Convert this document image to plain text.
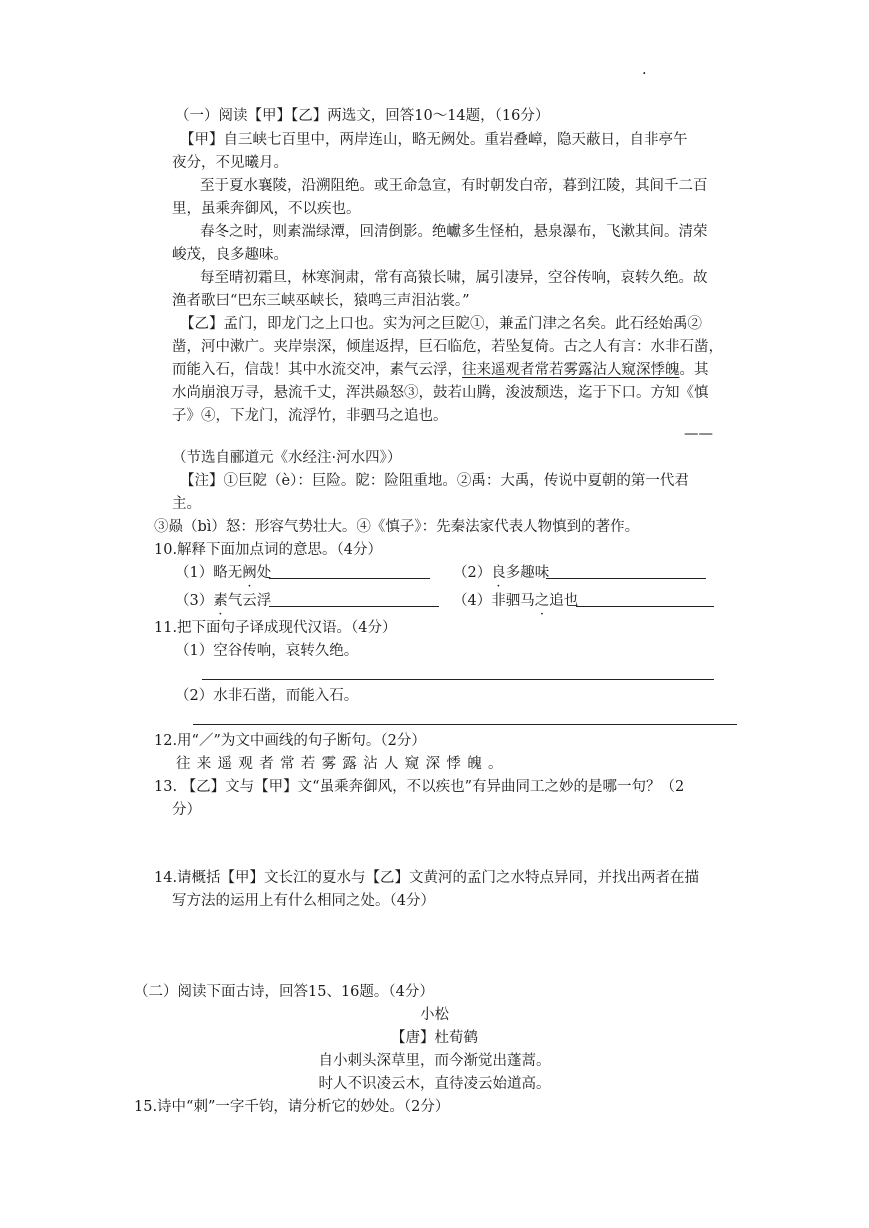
.
（一）阅读【甲】【乙】两选文，回答10～14题，（16分）
【甲】自三峡七百里中，两岸连山，略无阙处。重岩叠嶂，隐天蔽日，自非亭午
夜分，不见曦月。
至于夏水襄陵，沿溯阻绝。或王命急宣，有时朝发白帝，暮到江陵，其间千二百
里，虽乘奔御风，不以疾也。
春冬之时，则素湍绿潭，回清倒影。绝巘多生怪柏，悬泉瀑布，飞漱其间。清荣
峻茂，良多趣味。
每至晴初霜旦，林寒涧肃，常有高猿长啸，属引凄异，空谷传响，哀转久绝。故
渔者歌曰“巴东三峡巫峡长，猿鸣三声泪沾裳。”
【乙】孟门，即龙门之上口也。实为河之巨阸①，兼孟门津之名矣。此石经始禹②
凿，河中漱广。夹岸崇深，倾崖返捍，巨石临危，若坠复倚。古之人有言：水非石凿，
而能入石，信哉！其中水流交冲，素气云浮，往来遥观者常若雾露沾人窥深悸魄。其
水尚崩浪万寻，悬流千丈，浑洪赑怒③，鼓若山腾，浚波颓迭，迄于下口。方知《慎
子》④，下龙门，流浮竹，非驷马之追也。
——
（节选自郦道元《水经注·河水四》）
【注】①巨阸（è）：巨险。阸：险阻重地。②禹：大禹，传说中夏朝的第一代君
主。
③赑（bì）怒：形容气势壮大。④《慎子》：先秦法家代表人物慎到的著作。
10.解释下面加点词的意思。（4分）
（1）略无阙处	（2）良多趣味
（3）素气云浮	（4）非驷马之追也
11.把下面句子译成现代汉语。（4分）
（1）空谷传响，哀转久绝。
（2）水非石凿，而能入石。
12.用“／”为文中画线的句子断句。（2分）
往来遥观者常若雾露沾人窥深悸魄。
13. 【乙】文与【甲】文“虽乘奔御风，不以疾也”有异曲同工之妙的是哪一句？（2
分）
14.请概括【甲】文长江的夏水与【乙】文黄河的孟门之水特点异同，并找出两者在描
写方法的运用上有什么相同之处。（4分）
（二）阅读下面古诗，回答15、16题。（4分）
小松
【唐】杜荀鹤
自小刺头深草里，而今渐觉出蓬蒿。
时人不识凌云木，直待凌云始道高。
15.诗中“刺”一字千钧，请分析它的妙处。（2分）
